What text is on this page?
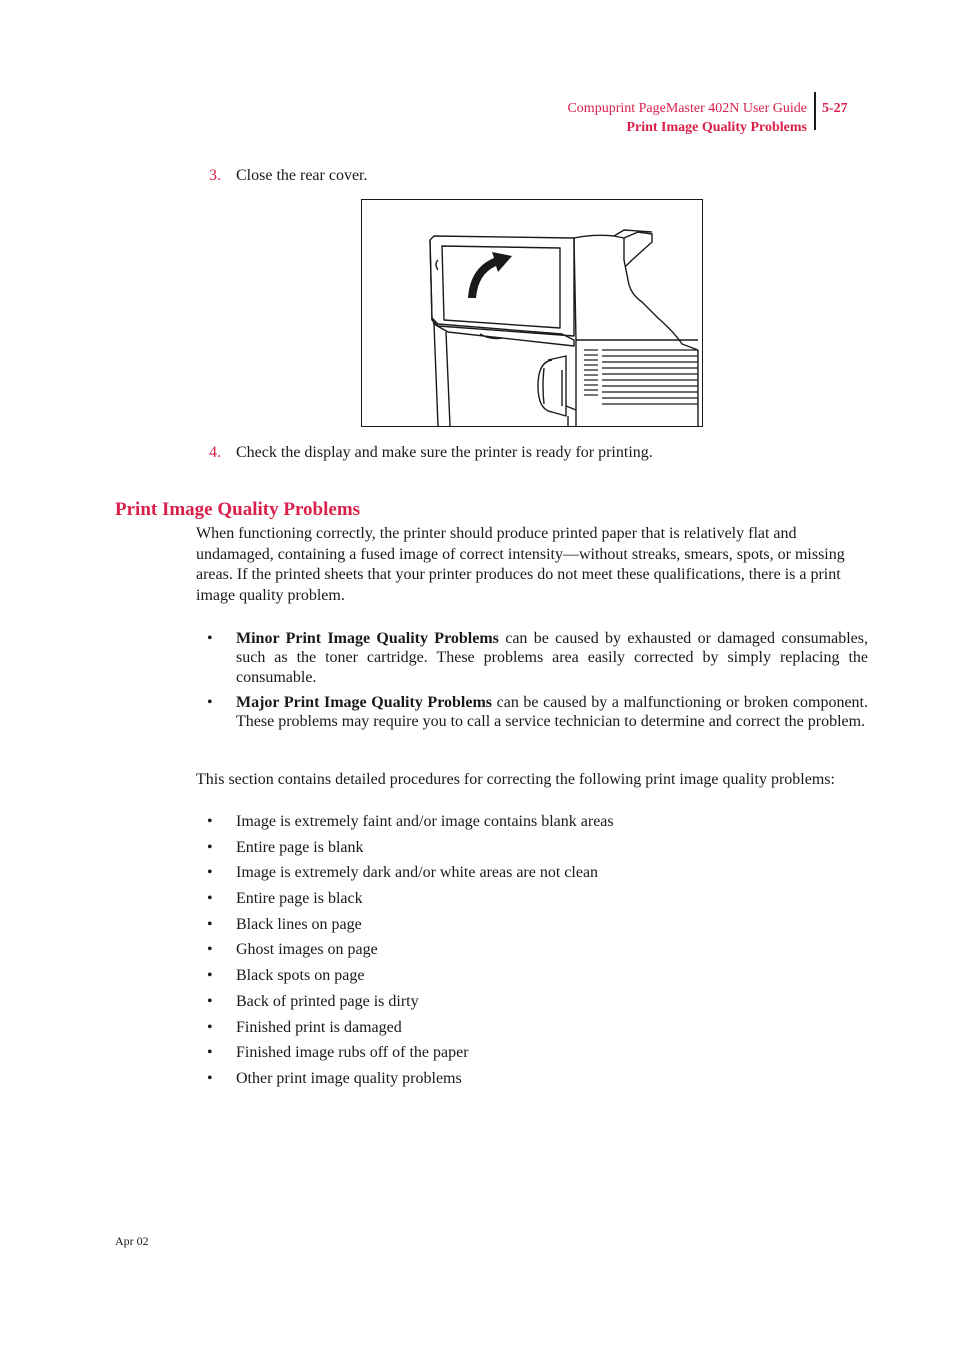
Compuprint PageMaster 402N User Guide
Print Image Quality Problems
5-27
3. Close the rear cover.
4. Check the display and make sure the printer is ready for printing.
Print Image Quality Problems
When functioning correctly, the printer should produce printed paper that is relatively flat and undamaged, containing a fused image of correct intensity—without streaks, smears, spots, or missing areas. If the printed sheets that your printer produces do not meet these qualifications, there is a print image quality problem.
• Minor Print Image Quality Problems can be caused by exhausted or damaged consumables, such as the toner cartridge. These problems area easily corrected by simply replacing the consumable.
• Major Print Image Quality Problems can be caused by a malfunctioning or broken component. These problems may require you to call a service technician to determine and correct the problem.
This section contains detailed procedures for correcting the following print image quality problems:
• Image is extremely faint and/or image contains blank areas
• Entire page is blank
• Image is extremely dark and/or white areas are not clean
• Entire page is black
• Black lines on page
• Ghost images on page
• Black spots on page
• Back of printed page is dirty
• Finished print is damaged
• Finished image rubs off of the paper
• Other print image quality problems
Apr 02
